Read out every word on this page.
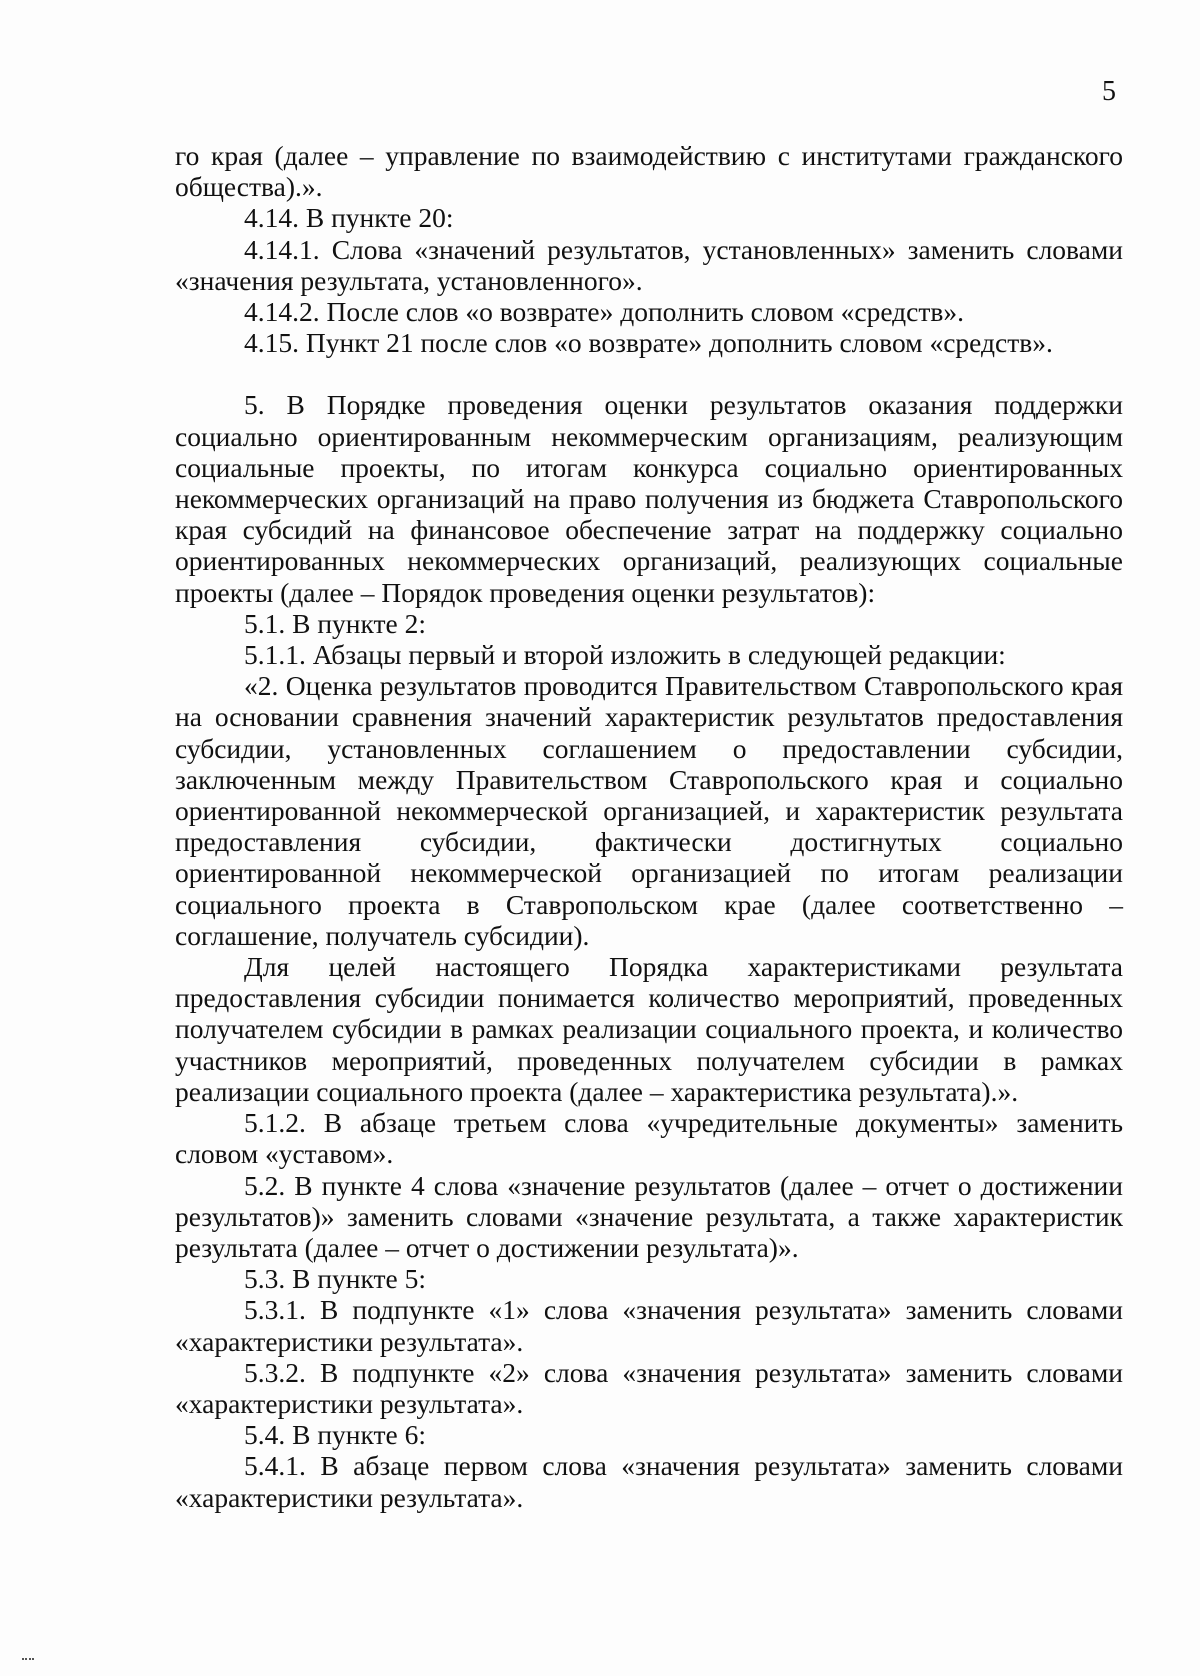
5

го края (далее – управление по взаимодействию с институтами гражданского общества).».

4.14. В пункте 20:

4.14.1. Слова «значений результатов, установленных» заменить словами «значения результата, установленного».

4.14.2. После слов «о возврате» дополнить словом «средств».

4.15. Пункт 21 после слов «о возврате» дополнить словом «средств».

5. В Порядке проведения оценки результатов оказания поддержки социально ориентированным некоммерческим организациям, реализующим социальные проекты, по итогам конкурса социально ориентированных некоммерческих организаций на право получения из бюджета Ставропольского края субсидий на финансовое обеспечение затрат на поддержку социально ориентированных некоммерческих организаций, реализующих социальные проекты (далее – Порядок проведения оценки результатов):

5.1. В пункте 2:

5.1.1. Абзацы первый и второй изложить в следующей редакции:

«2. Оценка результатов проводится Правительством Ставропольского края на основании сравнения значений характеристик результатов предоставления субсидии, установленных соглашением о предоставлении субсидии, заключенным между Правительством Ставропольского края и социально ориентированной некоммерческой организацией, и характеристик результата предоставления субсидии, фактически достигнутых социально ориентированной некоммерческой организацией по итогам реализации социального проекта в Ставропольском крае (далее соответственно – соглашение, получатель субсидии).

Для целей настоящего Порядка характеристиками результата предоставления субсидии понимается количество мероприятий, проведенных получателем субсидии в рамках реализации социального проекта, и количество участников мероприятий, проведенных получателем субсидии в рамках реализации социального проекта (далее – характеристика результата).».

5.1.2. В абзаце третьем слова «учредительные документы» заменить словом «уставом».

5.2. В пункте 4 слова «значение результатов (далее – отчет о достижении результатов)» заменить словами «значение результата, а также характеристик результата (далее – отчет о достижении результата)».

5.3. В пункте 5:

5.3.1. В подпункте «1» слова «значения результата» заменить словами «характеристики результата».

5.3.2. В подпункте «2» слова «значения результата» заменить словами «характеристики результата».

5.4. В пункте 6:

5.4.1. В абзаце первом слова «значения результата» заменить словами «характеристики результата».
